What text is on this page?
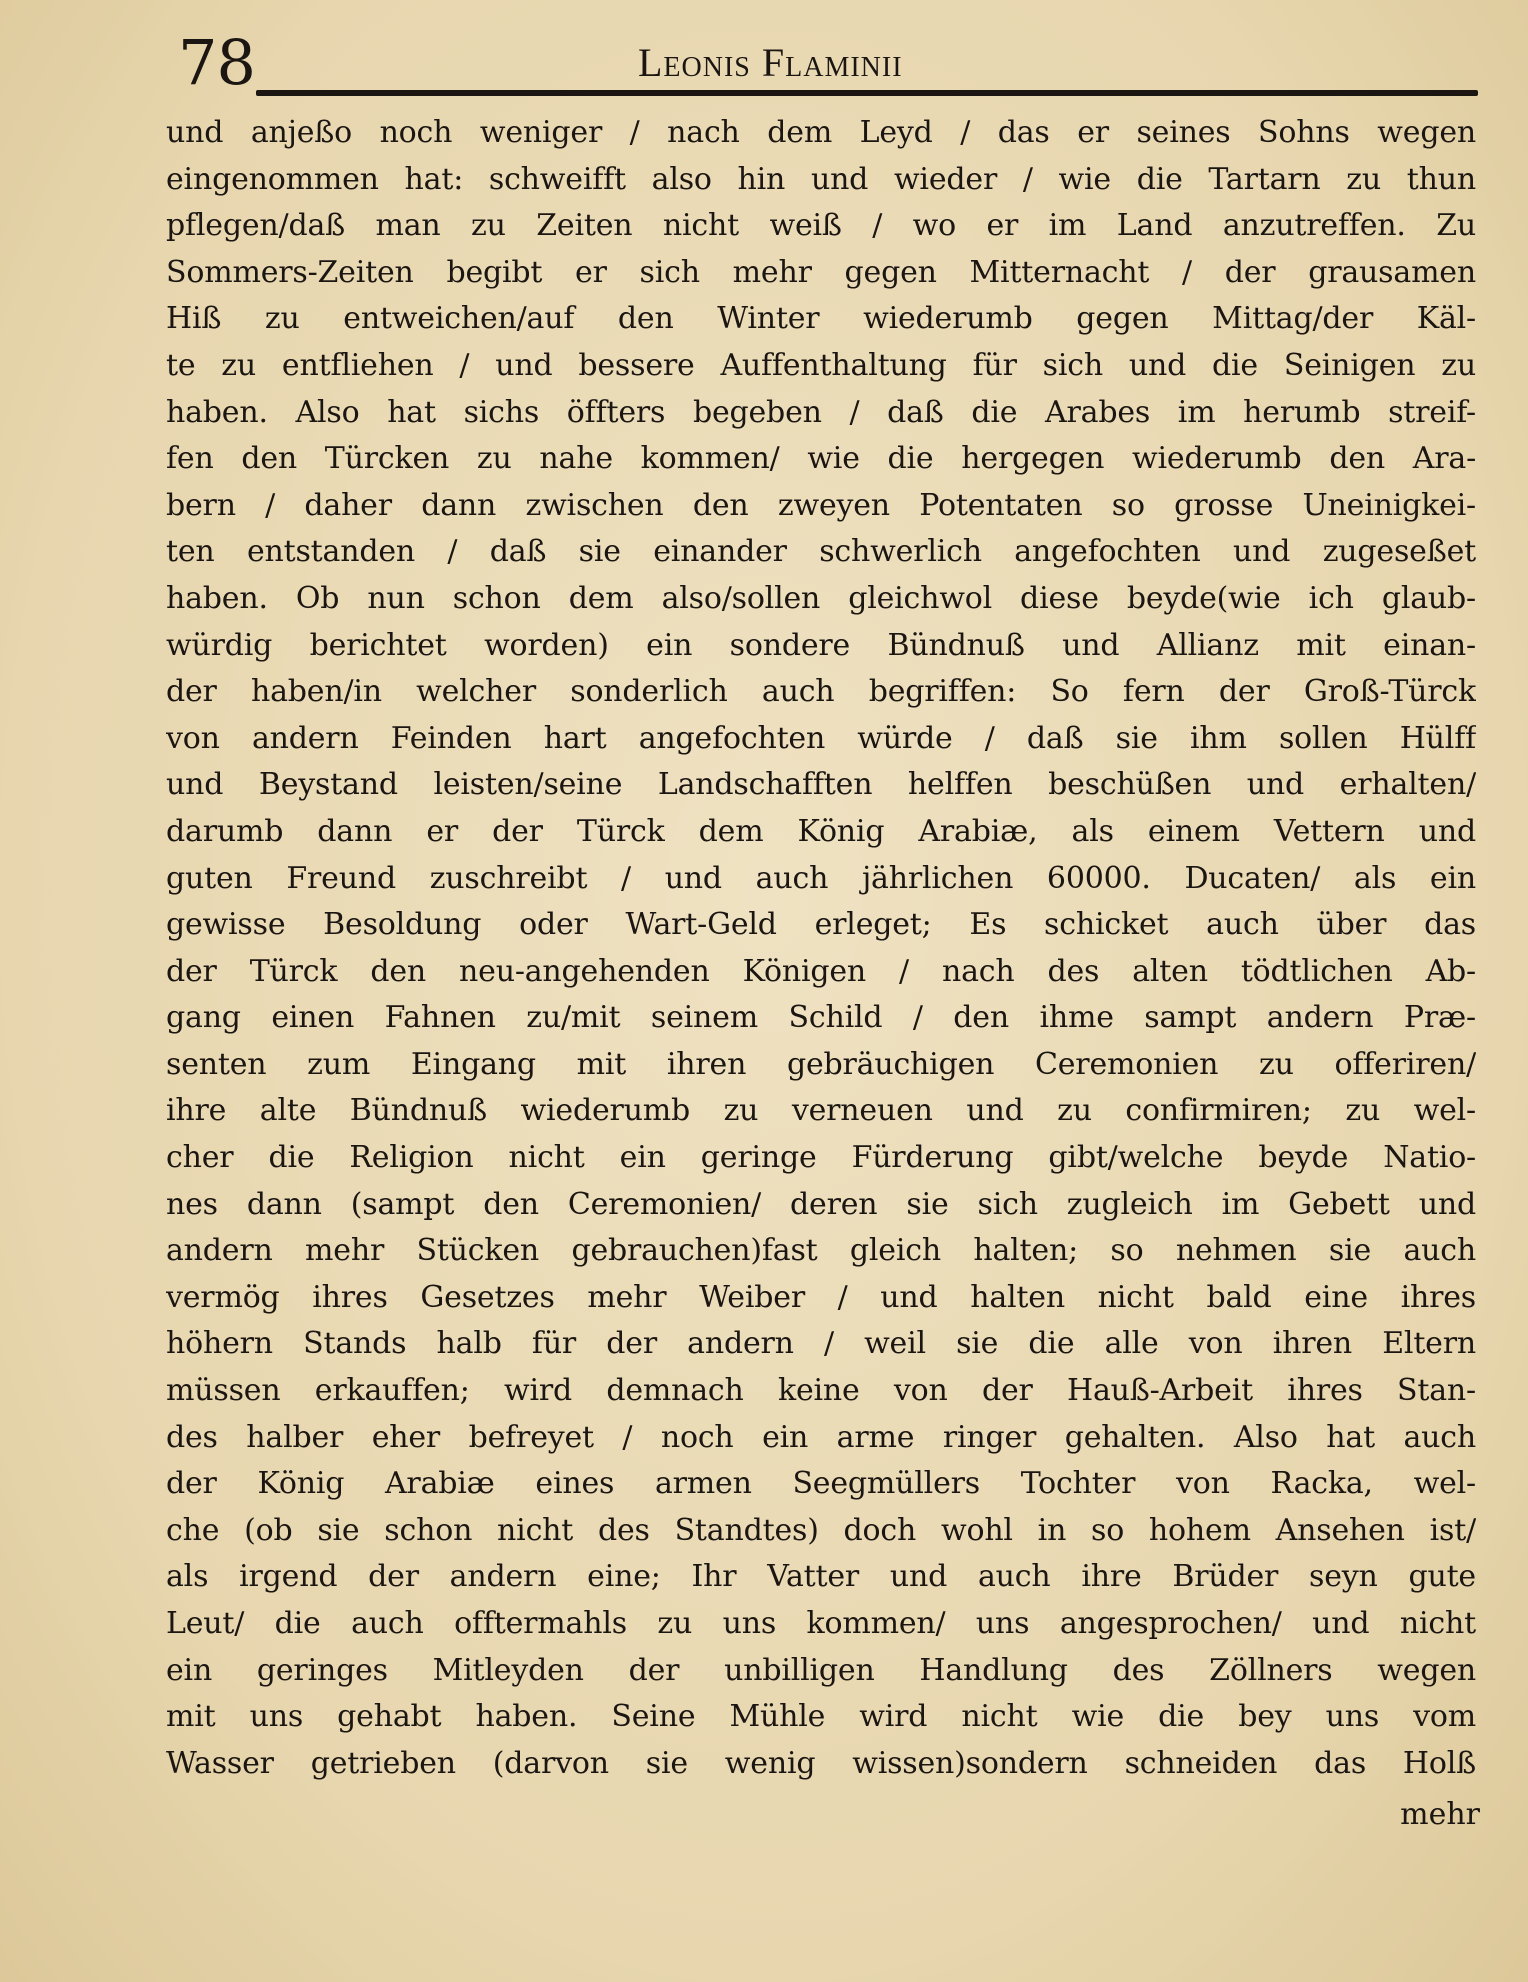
78	Leonis Flaminii
und anjeßo noch weniger / nach dem Leyd / das er seines Sohns wegen
eingenommen hat: schweifft also hin und wieder / wie die Tartarn zu thun
pflegen/daß man zu Zeiten nicht weiß / wo er im Land anzutreffen. Zu
Sommers-Zeiten begibt er sich mehr gegen Mitternacht / der grausamen
Hiß zu entweichen/auf den Winter wiederumb gegen Mittag/der Käl-
te zu entfliehen / und bessere Auffenthaltung für sich und die Seinigen zu
haben. Also hat sichs öffters begeben / daß die Arabes im herumb streif-
fen den Türcken zu nahe kommen/ wie die hergegen wiederumb den Ara-
bern / daher dann zwischen den zweyen Potentaten so grosse Uneinigkei-
ten entstanden / daß sie einander schwerlich angefochten und zugeseßet
haben. Ob nun schon dem also/sollen gleichwol diese beyde(wie ich glaub-
würdig berichtet worden) ein sondere Bündnuß und Allianz mit einan-
der haben/in welcher sonderlich auch begriffen: So fern der Groß-Türck
von andern Feinden hart angefochten würde / daß sie ihm sollen Hülff
und Beystand leisten/seine Landschafften helffen beschüßen und erhalten/
darumb dann er der Türck dem König Arabiæ, als einem Vettern und
guten Freund zuschreibt / und auch jährlichen 60000. Ducaten/ als ein
gewisse Besoldung oder Wart-Geld erleget; Es schicket auch über das
der Türck den neu-angehenden Königen / nach des alten tödtlichen Ab-
gang einen Fahnen zu/mit seinem Schild / den ihme sampt andern Præ-
senten zum Eingang mit ihren gebräuchigen Ceremonien zu offeriren/
ihre alte Bündnuß wiederumb zu verneuen und zu confirmiren; zu wel-
cher die Religion nicht ein geringe Fürderung gibt/welche beyde Natio-
nes dann (sampt den Ceremonien/ deren sie sich zugleich im Gebett und
andern mehr Stücken gebrauchen)fast gleich halten; so nehmen sie auch
vermög ihres Gesetzes mehr Weiber / und halten nicht bald eine ihres
höhern Stands halb für der andern / weil sie die alle von ihren Eltern
müssen erkauffen; wird demnach keine von der Hauß-Arbeit ihres Stan-
des halber eher befreyet / noch ein arme ringer gehalten. Also hat auch
der König Arabiæ eines armen Seegmüllers Tochter von Racka, wel-
che (ob sie schon nicht des Standtes) doch wohl in so hohem Ansehen ist/
als irgend der andern eine; Ihr Vatter und auch ihre Brüder seyn gute
Leut/ die auch offtermahls zu uns kommen/ uns angesprochen/ und nicht
ein geringes Mitleyden der unbilligen Handlung des Zöllners wegen
mit uns gehabt haben. Seine Mühle wird nicht wie die bey uns vom
Wasser getrieben (darvon sie wenig wissen)sondern schneiden das Holß
mehr
